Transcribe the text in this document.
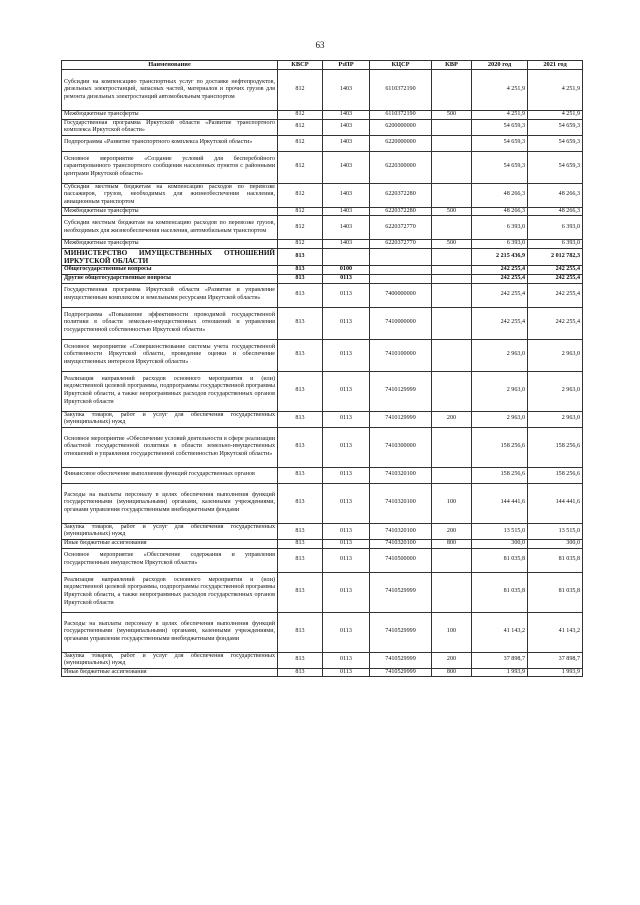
63
Наименование	КВСР	РзПР	КЦСР	КВР	2020 год	2021 год
Субсидии на компенсацию транспортных услуг по доставке нефтепродуктов, дизельных электростанций, запасных частей, материалов и прочих грузов для ремонта дизельных электростанций автомобильным транспортом	812	1403	6110372190		4 251,9	4 251,9
Межбюджетные трансферты	812	1403	6110372190	500	4 251,9	4 251,9
Государственная программа Иркутской области «Развитие транспортного комплекса Иркутской области»	812	1403	6200000000		54 659,3	54 659,3
Подпрограмма «Развитие транспортного комплекса Иркутской области»	812	1403	6220000000		54 659,3	54 659,3
Основное мероприятие «Создание условий для бесперебойного гарантированного транспортного сообщения населенных пунктов с районными центрами Иркутской области»	812	1403	6220300000		54 659,3	54 659,3
Субсидии местным бюджетам на компенсацию расходов по перевозке пассажиров, грузов, необходимых для жизнеобеспечения населения, авиационным транспортом	812	1403	6220372280		48 266,3	48 266,3
Межбюджетные трансферты	812	1403	6220372280	500	48 266,3	48 266,3
Субсидии местным бюджетам на компенсацию расходов по перевозке грузов, необходимых для жизнеобеспечения населения, автомобильным транспортом	812	1403	6220372770		6 393,0	6 393,0
Межбюджетные трансферты	812	1403	6220372770	500	6 393,0	6 393,0
МИНИСТЕРСТВО ИМУЩЕСТВЕННЫХ ОТНОШЕНИЙ ИРКУТСКОЙ ОБЛАСТИ	813				2 215 436,9	2 012 782,3
Общегосударственные вопросы	813	0100			242 255,4	242 255,4
Другие общегосударственные вопросы	813	0113			242 255,4	242 255,4
Государственная программа Иркутской области «Развитие и управление имущественным комплексом и земельными ресурсами Иркутской области»	813	0113	7400000000		242 255,4	242 255,4
Подпрограмма «Повышение эффективности проводимой государственной политики в области земельно-имущественных отношений и управления государственной собственностью Иркутской области»	813	0113	7410000000		242 255,4	242 255,4
Основное мероприятие «Совершенствование системы учета государственной собственности Иркутской области, проведение оценки и обеспечение имущественных интересов Иркутской области»	813	0113	7410100000		2 963,0	2 963,0
Реализация направлений расходов основного мероприятия и (или) ведомственной целевой программы, подпрограммы государственной программы Иркутской области, а также непрограммных расходов государственных органов Иркутской области	813	0113	7410129999		2 963,0	2 963,0
Закупка товаров, работ и услуг для обеспечения государственных (муниципальных) нужд	813	0113	7410129999	200	2 963,0	2 963,0
Основное мероприятие «Обеспечение условий деятельности в сфере реализации областной государственной политики в области земельно-имущественных отношений и управления государственной собственностью Иркутской области»	813	0113	7410300000		158 256,6	158 256,6
Финансовое обеспечение выполнения функций государственных органов	813	0113	7410320100		158 256,6	158 256,6
Расходы на выплаты персоналу в целях обеспечения выполнения функций государственными (муниципальными) органами, казенными учреждениями, органами управления государственными внебюджетными фондами	813	0113	7410320100	100	144 441,6	144 441,6
Закупка товаров, работ и услуг для обеспечения государственных (муниципальных) нужд	813	0113	7410320100	200	13 515,0	13 515,0
Иные бюджетные ассигнования	813	0113	7410320100	800	300,0	300,0
Основное мероприятие «Обеспечение содержания и управления государственным имуществом Иркутской области»	813	0113	7410500000		81 035,8	81 035,8
Реализация направлений расходов основного мероприятия и (или) ведомственной целевой программы, подпрограммы государственной программы Иркутской области, а также непрограммных расходов государственных органов Иркутской области	813	0113	7410529999		81 035,8	81 035,8
Расходы на выплаты персоналу в целях обеспечения выполнения функций государственными (муниципальными) органами, казенными учреждениями, органами управления государственными внебюджетными фондами	813	0113	7410529999	100	41 143,2	41 143,2
Закупка товаров, работ и услуг для обеспечения государственных (муниципальных) нужд	813	0113	7410529999	200	37 898,7	37 898,7
Иные бюджетные ассигнования	813	0113	7410529999	800	1 993,9	1 993,9
